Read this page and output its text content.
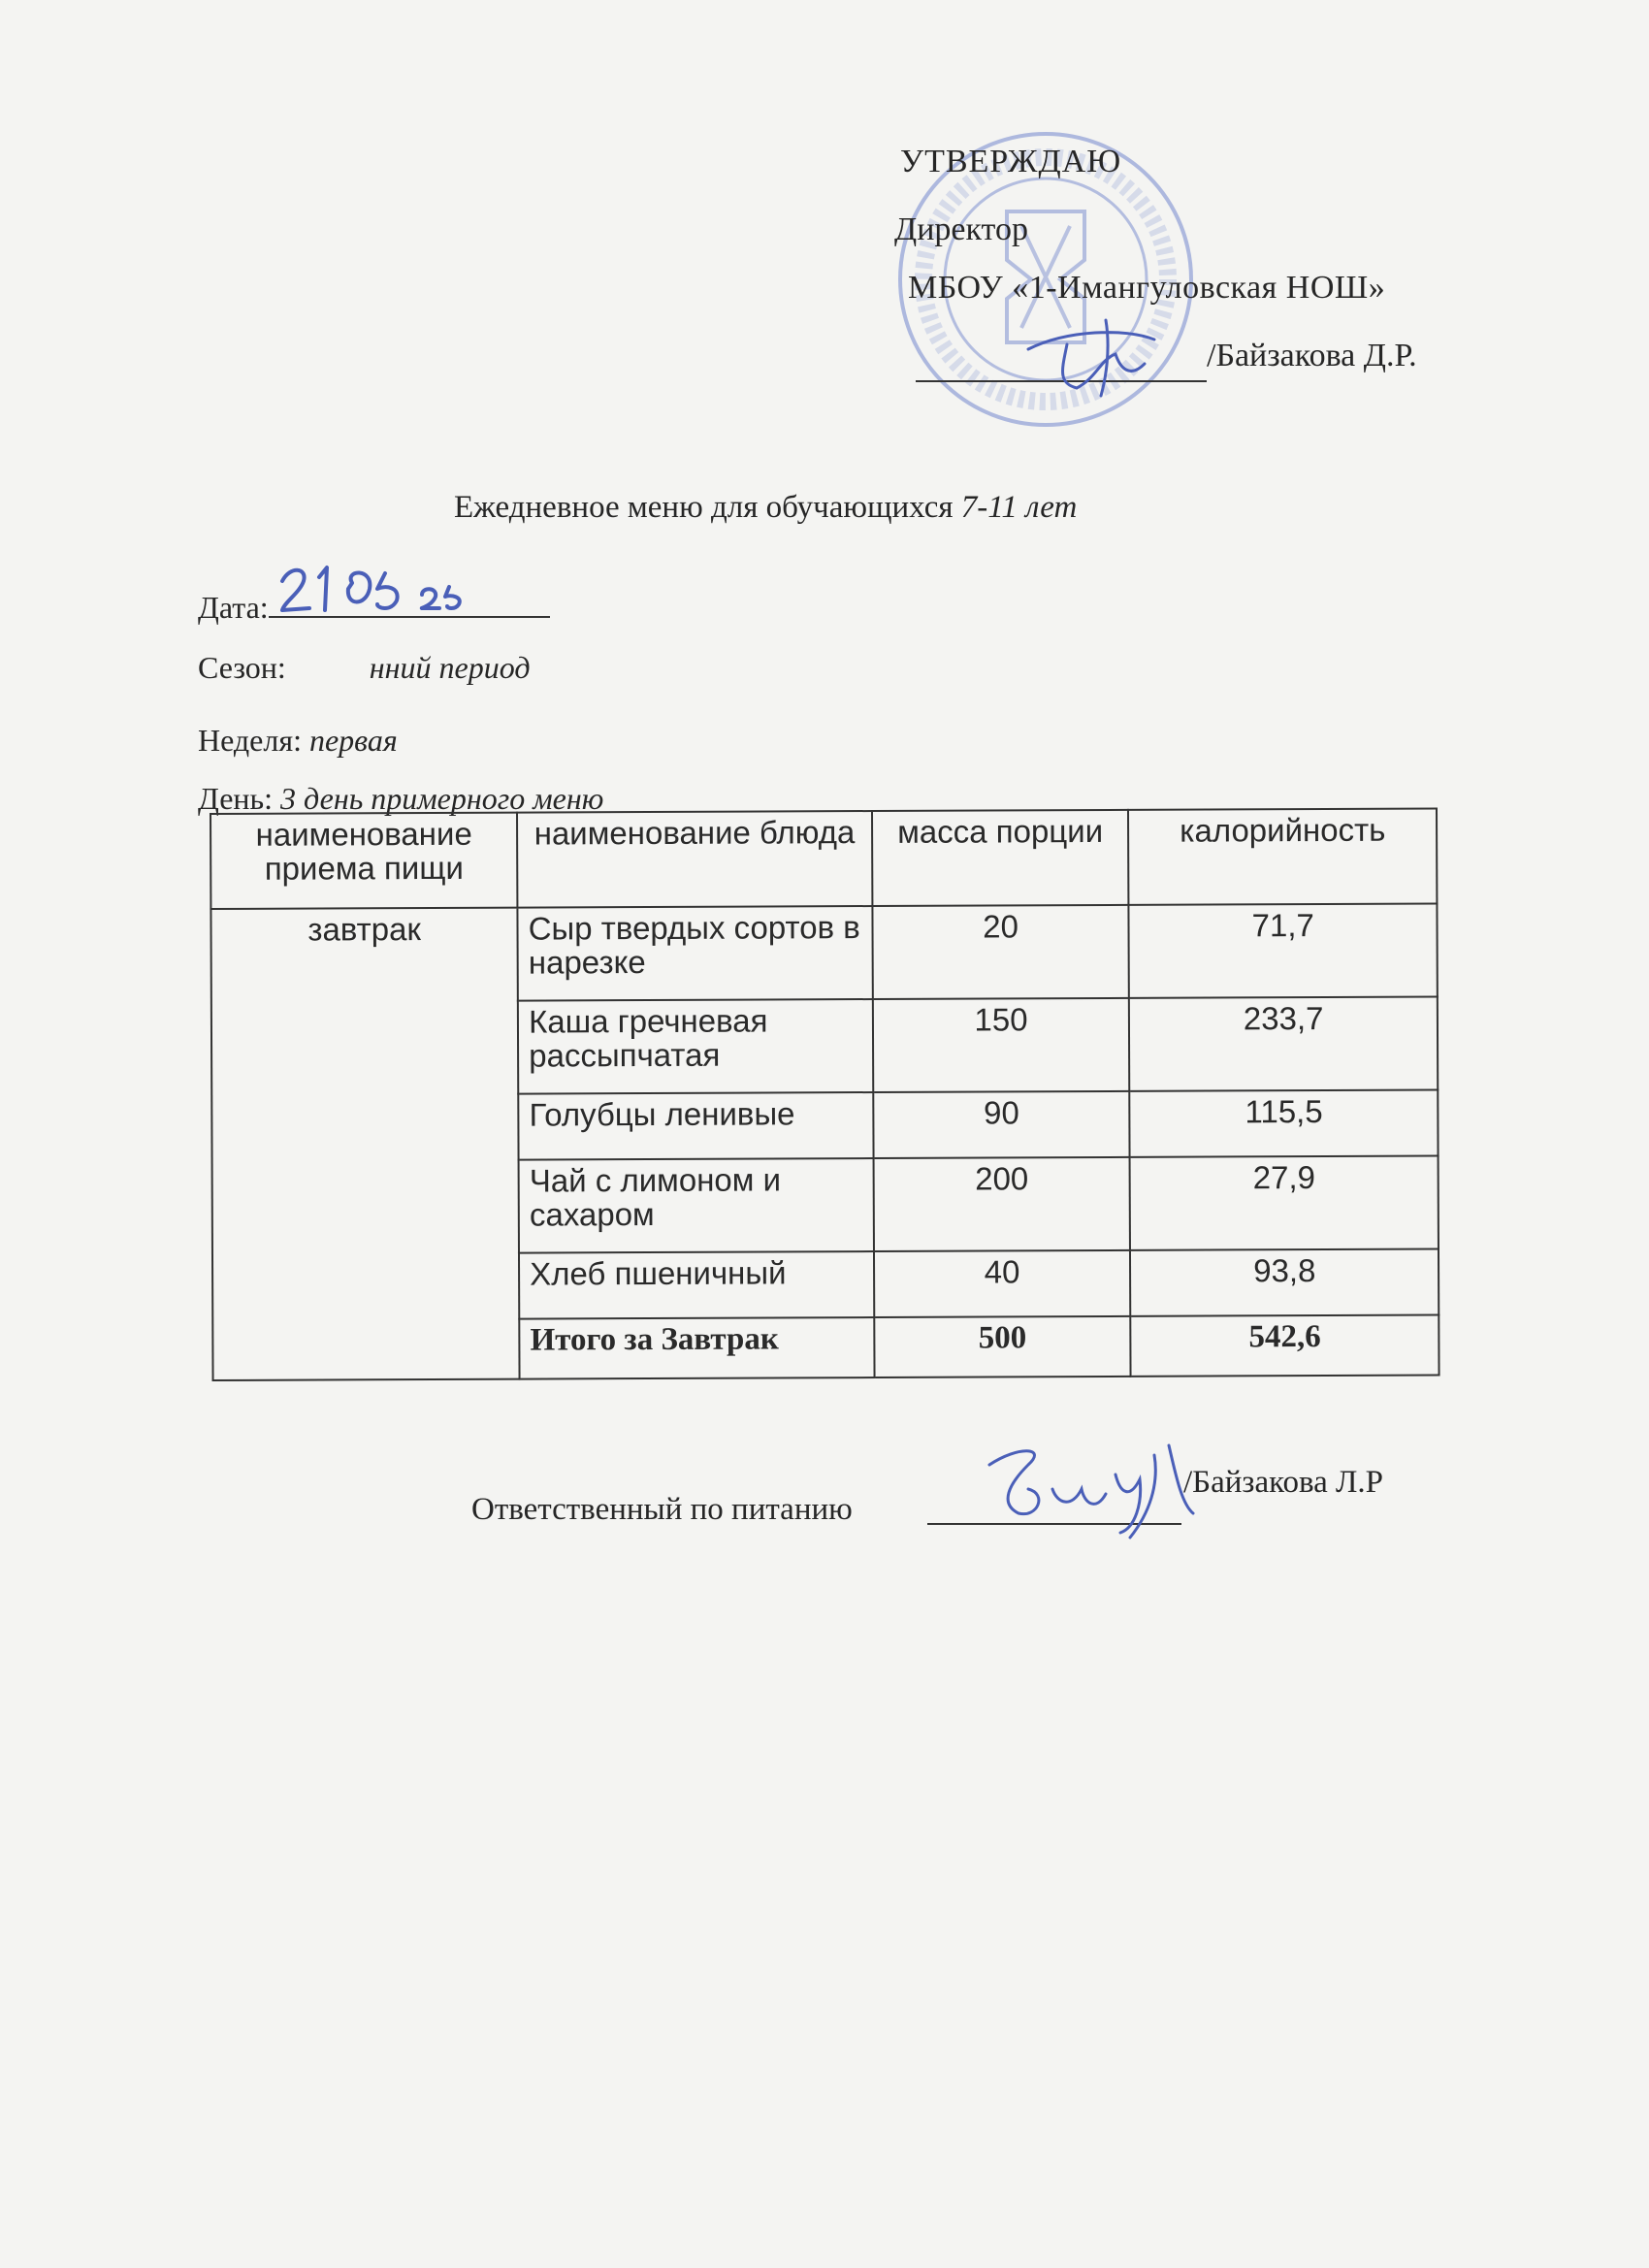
УТВЕРЖДАЮ
Директор
МБОУ «1-Имангуловская НОШ»
/Байзакова Д.Р.
Ежедневное меню для обучающихся 7-11 лет
Дата:
Сезон:	нний период
Неделя: первая
День: 3 день примерного меню
наименование приема пищи	наименование блюда	масса порции	калорийность
завтрак	Сыр твердых сортов в нарезке	20	71,7
	Каша гречневая рассыпчатая	150	233,7
	Голубцы ленивые	90	115,5
	Чай с лимоном и сахаром	200	27,9
	Хлеб пшеничный	40	93,8
	Итого за Завтрак	500	542,6
Ответственный по питанию
/Байзакова Л.Р
